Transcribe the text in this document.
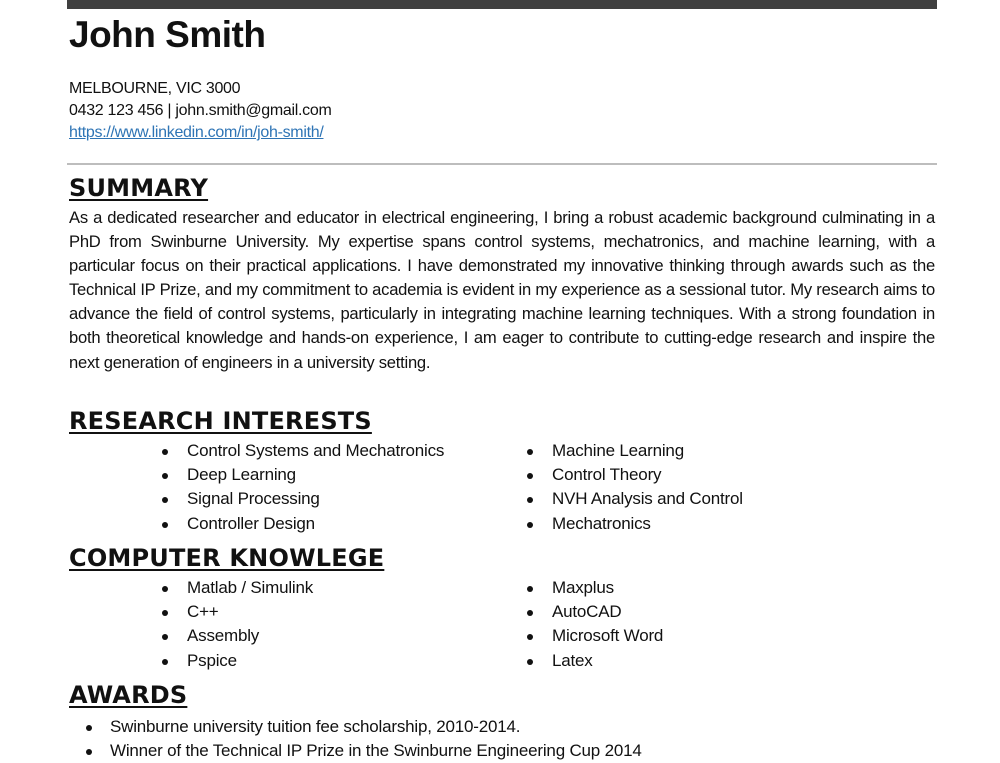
John Smith
MELBOURNE, VIC 3000
0432 123 456 | john.smith@gmail.com
https://www.linkedin.com/in/joh-smith/
SUMMARY

As a dedicated researcher and educator in electrical engineering, I bring a robust academic background culminating in a PhD from Swinburne University. My expertise spans control systems, mechatronics, and machine learning, with a particular focus on their practical applications. I have demonstrated my innovative thinking through awards such as the Technical IP Prize, and my commitment to academia is evident in my experience as a sessional tutor. My research aims to advance the field of control systems, particularly in integrating machine learning techniques. With a strong foundation in both theoretical knowledge and hands-on experience, I am eager to contribute to cutting-edge research and inspire the next generation of engineers in a university setting.

RESEARCH INTERESTS
Control Systems and Mechatronics
Deep Learning
Signal Processing
Controller Design
Machine Learning
Control Theory
NVH Analysis and Control
Mechatronics
COMPUTER KNOWLEGE
Matlab / Simulink
C++
Assembly
Pspice
Maxplus
AutoCAD
Microsoft Word
Latex
AWARDS
Swinburne university tuition fee scholarship, 2010-2014.
Winner of the Technical IP Prize in the Swinburne Engineering Cup 2014
